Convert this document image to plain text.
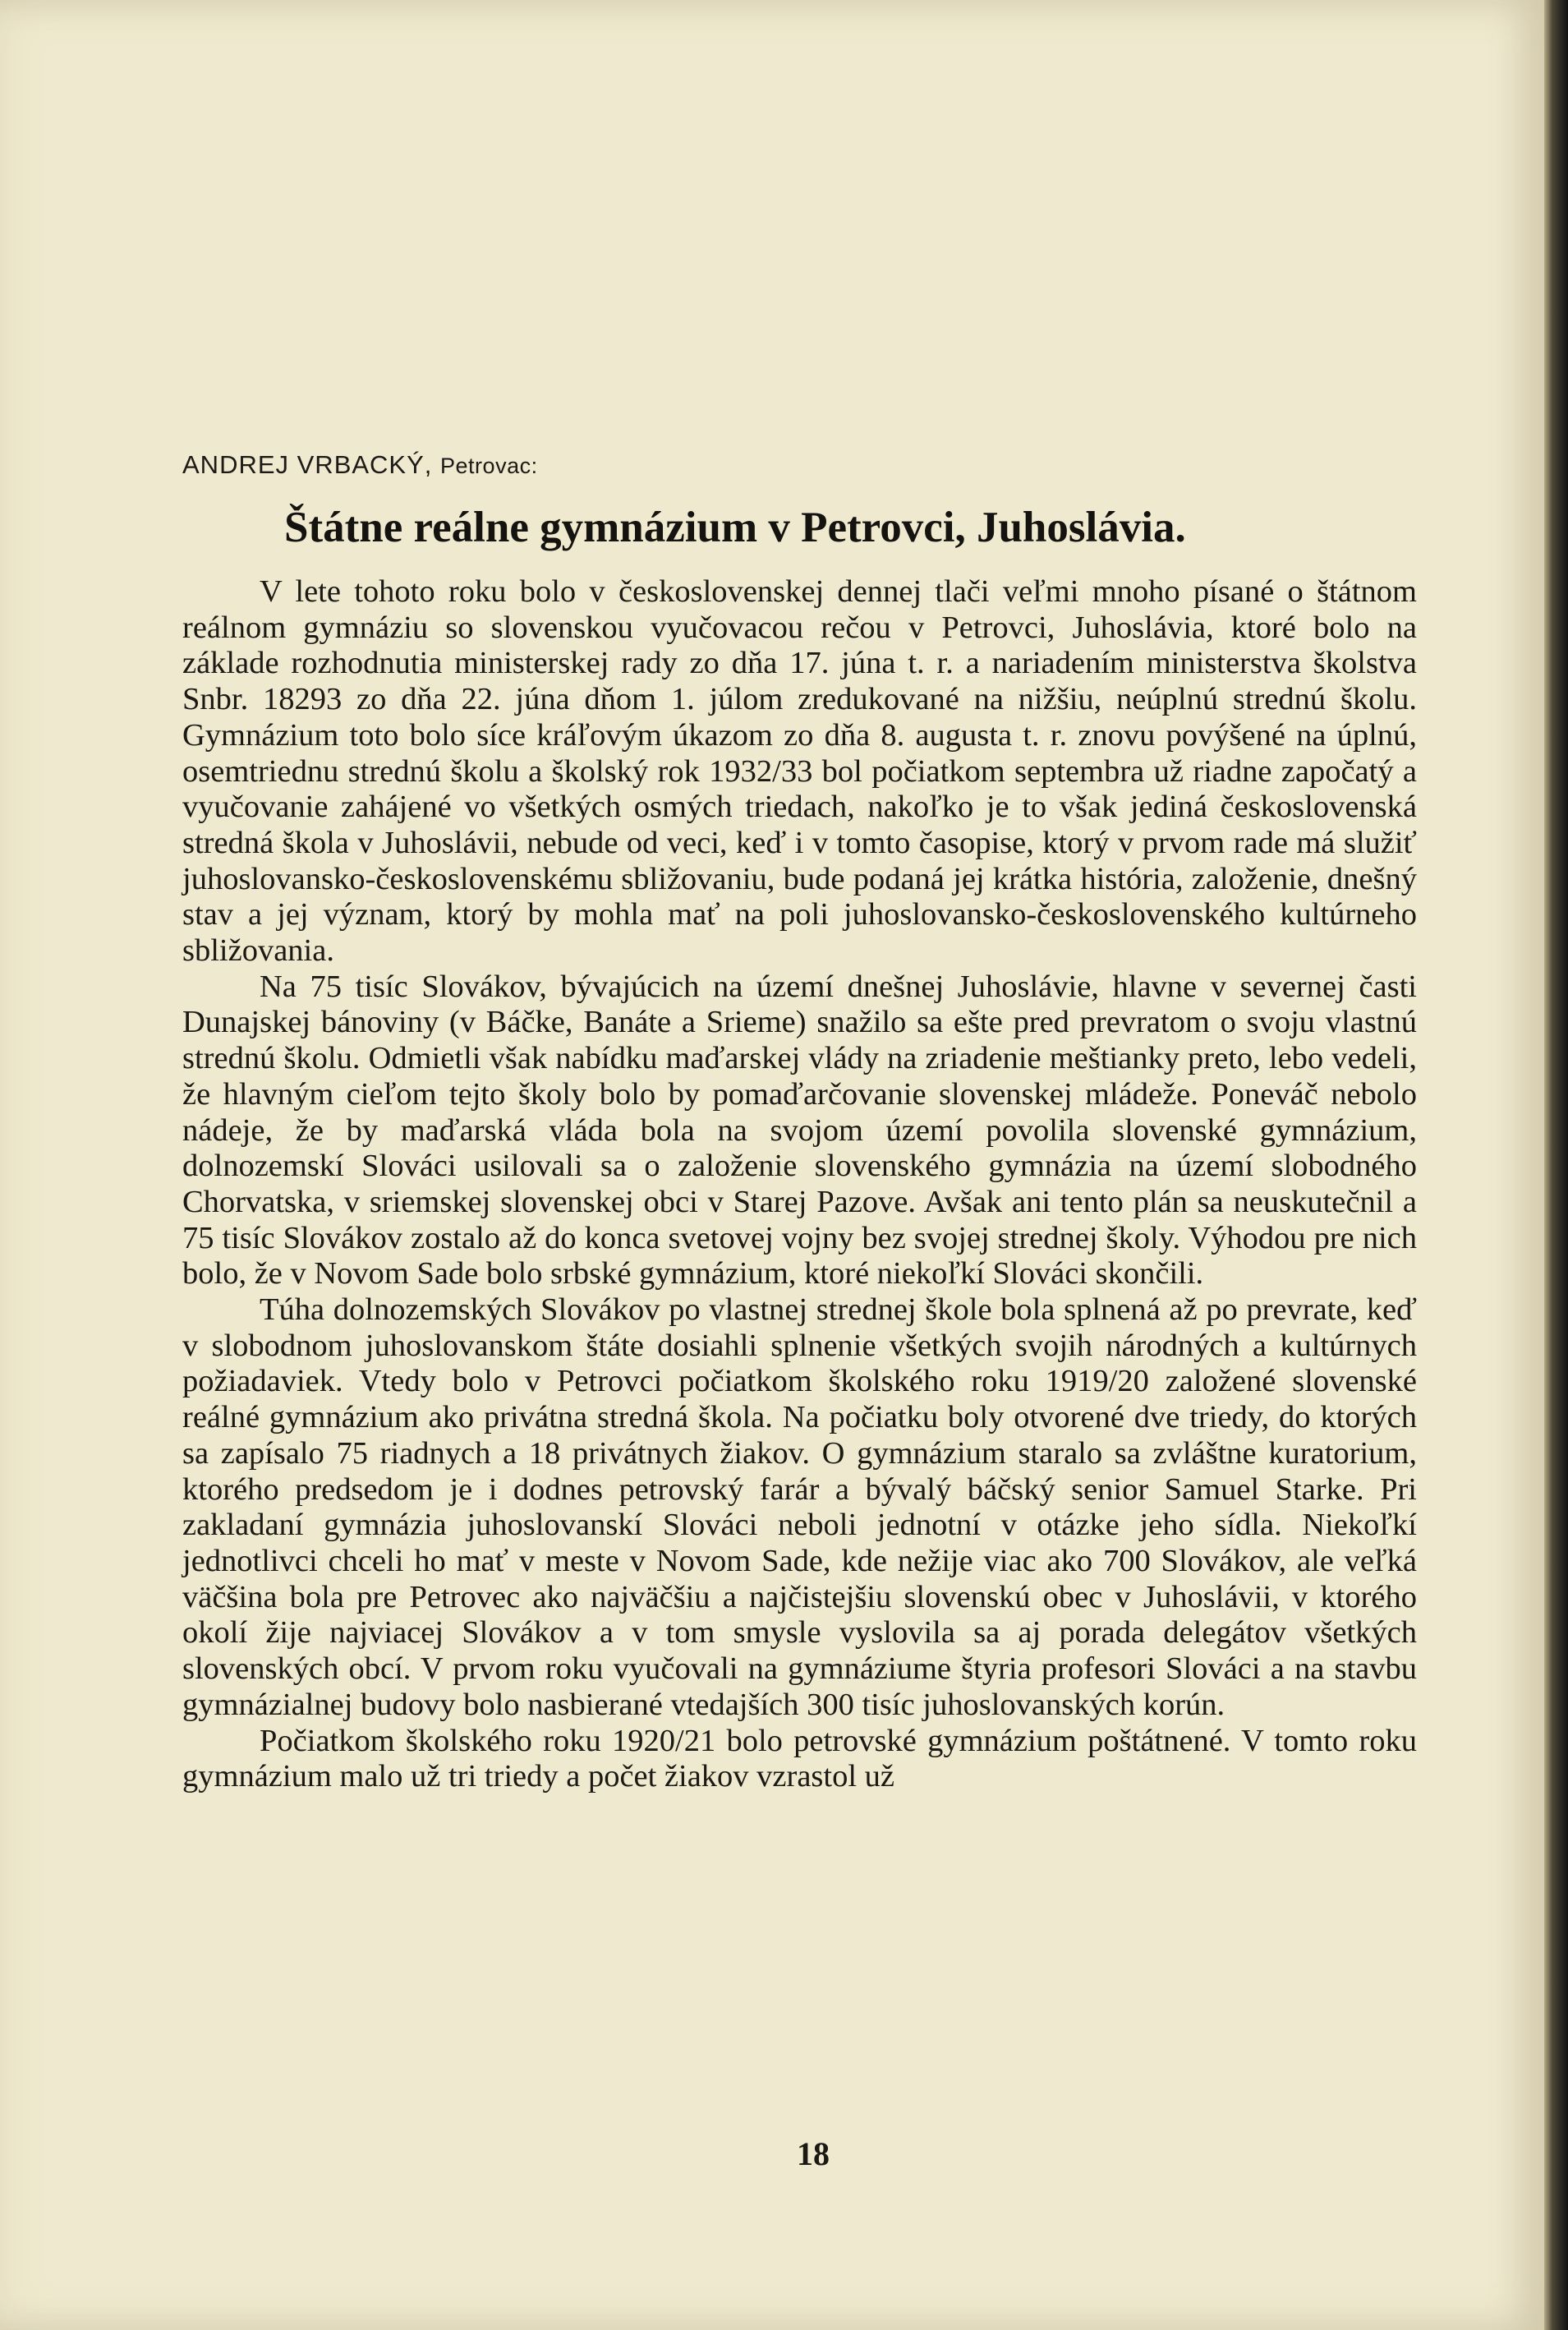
ANDREJ VRBACKÝ, Petrovac:
Štátne reálne gymnázium v Petrovci, Juhoslávia.

V lete tohoto roku bolo v československej dennej tlači veľmi mnoho písané o štátnom reálnom gymnáziu so slovenskou vyučovacou rečou v Petrovci, Juhoslávia, ktoré bolo na základe rozhodnutia ministerskej rady zo dňa 17. júna t. r. a nariadením ministerstva školstva Snbr. 18293 zo dňa 22. júna dňom 1. júlom zredukované na nižšiu, neúplnú strednú školu. Gymnázium toto bolo síce kráľovým úkazom zo dňa 8. augusta t. r. znovu povýšené na úplnú, osemtriednu strednú školu a školský rok 1932/33 bol počiatkom septembra už riadne započatý a vyučovanie zahájené vo všetkých osmých triedach, nakoľko je to však jediná československá stredná škola v Juhoslávii, nebude od veci, keď i v tomto časopise, ktorý v prvom rade má služiť juhoslovansko-československému sbližovaniu, bude podaná jej krátka história, založenie, dnešný stav a jej význam, ktorý by mohla mať na poli juhoslovansko-československého kultúrneho sbližovania.

Na 75 tisíc Slovákov, bývajúcich na území dnešnej Juhoslávie, hlavne v severnej časti Dunajskej bánoviny (v Báčke, Banáte a Srieme) snažilo sa ešte pred prevratom o svoju vlastnú strednú školu. Odmietli však nabídku maďarskej vlády na zriadenie meštianky preto, lebo vedeli, že hlavným cieľom tejto školy bolo by pomaďarčovanie slovenskej mládeže. Poneváč nebolo nádeje, že by maďarská vláda bola na svojom území povolila slovenské gymnázium, dolnozemskí Slováci usilovali sa o založenie slovenského gymnázia na území slobodného Chorvatska, v sriemskej slovenskej obci v Starej Pazove. Avšak ani tento plán sa neuskutečnil a 75 tisíc Slovákov zostalo až do konca svetovej vojny bez svojej strednej školy. Výhodou pre nich bolo, že v Novom Sade bolo srbské gymnázium, ktoré niekoľkí Slováci skončili.

Túha dolnozemských Slovákov po vlastnej strednej škole bola splnená až po prevrate, keď v slobodnom juhoslovanskom štáte dosiahli splnenie všetkých svojih národných a kultúrnych požiadaviek. Vtedy bolo v Petrovci počiatkom školského roku 1919/20 založené slovenské reálné gymnázium ako privátna stredná škola. Na počiatku boly otvorené dve triedy, do ktorých sa zapísalo 75 riadnych a 18 privátnych žiakov. O gymnázium staralo sa zvláštne kuratorium, ktorého predsedom je i dodnes petrovský farár a bývalý báčský senior Samuel Starke. Pri zakladaní gymnázia juhoslovanskí Slováci neboli jednotní v otázke jeho sídla. Niekoľkí jednotlivci chceli ho mať v meste v Novom Sade, kde nežije viac ako 700 Slovákov, ale veľká väčšina bola pre Petrovec ako najväčšiu a najčistejšiu slovenskú obec v Juhoslávii, v ktorého okolí žije najviacej Slovákov a v tom smysle vyslovila sa aj porada delegátov všetkých slovenských obcí. V prvom roku vyučovali na gymnáziume štyria profesori Slováci a na stavbu gymnázialnej budovy bolo nasbierané vtedajších 300 tisíc juhoslovanských korún.

Počiatkom školského roku 1920/21 bolo petrovské gymnázium poštátnené. V tomto roku gymnázium malo už tri triedy a počet žiakov vzrastol už

18
